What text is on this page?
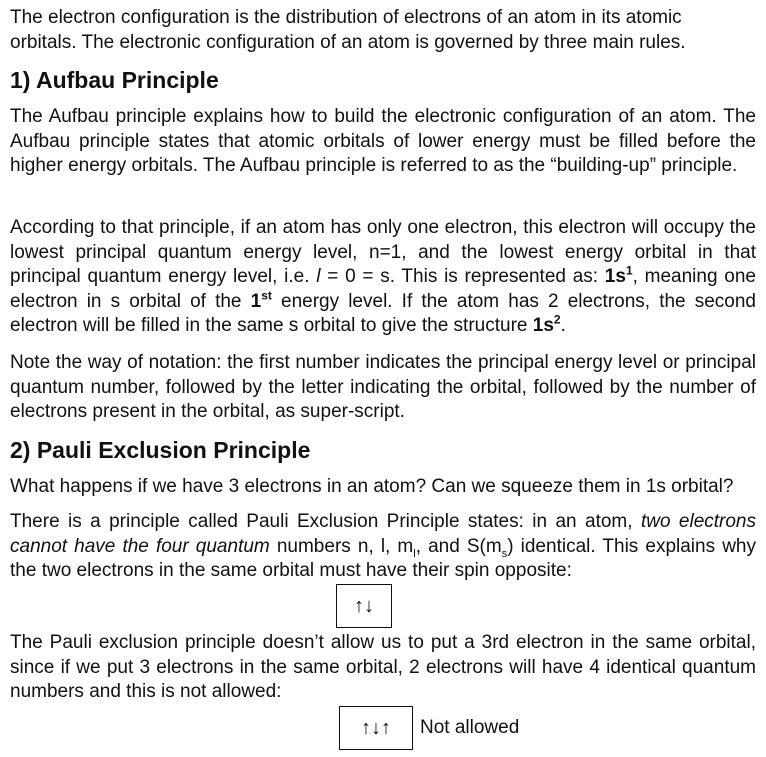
The electron configuration is the distribution of electrons of an atom in its atomic
orbitals. The electronic configuration of an atom is governed by three main rules.

1) Aufbau Principle

The Aufbau principle explains how to build the electronic configuration of an atom. The Aufbau principle states that atomic orbitals of lower energy must be filled before the higher energy orbitals. The Aufbau principle is referred to as the “building-up” principle.

According to that principle, if an atom has only one electron, this electron will occupy the lowest principal quantum energy level, n=1, and the lowest energy orbital in that principal quantum energy level, i.e. l = 0 = s. This is represented as: $1s^1$, meaning one electron in s orbital of the 1st energy level. If the atom has 2 electrons, the second electron will be filled in the same s orbital to give the structure $1s^2$.

Note the way of notation: the first number indicates the principal energy level or principal quantum number, followed by the letter indicating the orbital, followed by the number of electrons present in the orbital, as super-script.

2) Pauli Exclusion Principle

What happens if we have 3 electrons in an atom? Can we squeeze them in 1s orbital?

There is a principle called Pauli Exclusion Principle states: in an atom, two electrons cannot have the four quantum numbers n, l, $m_l$, and $S(m_s)$ identical. This explains why the two electrons in the same orbital must have their spin opposite:

↑↓

The Pauli exclusion principle doesn’t allow us to put a 3rd electron in the same orbital, since if we put 3 electrons in the same orbital, 2 electrons will have 4 identical quantum numbers and this is not allowed:

↑↓↑ Not allowed
